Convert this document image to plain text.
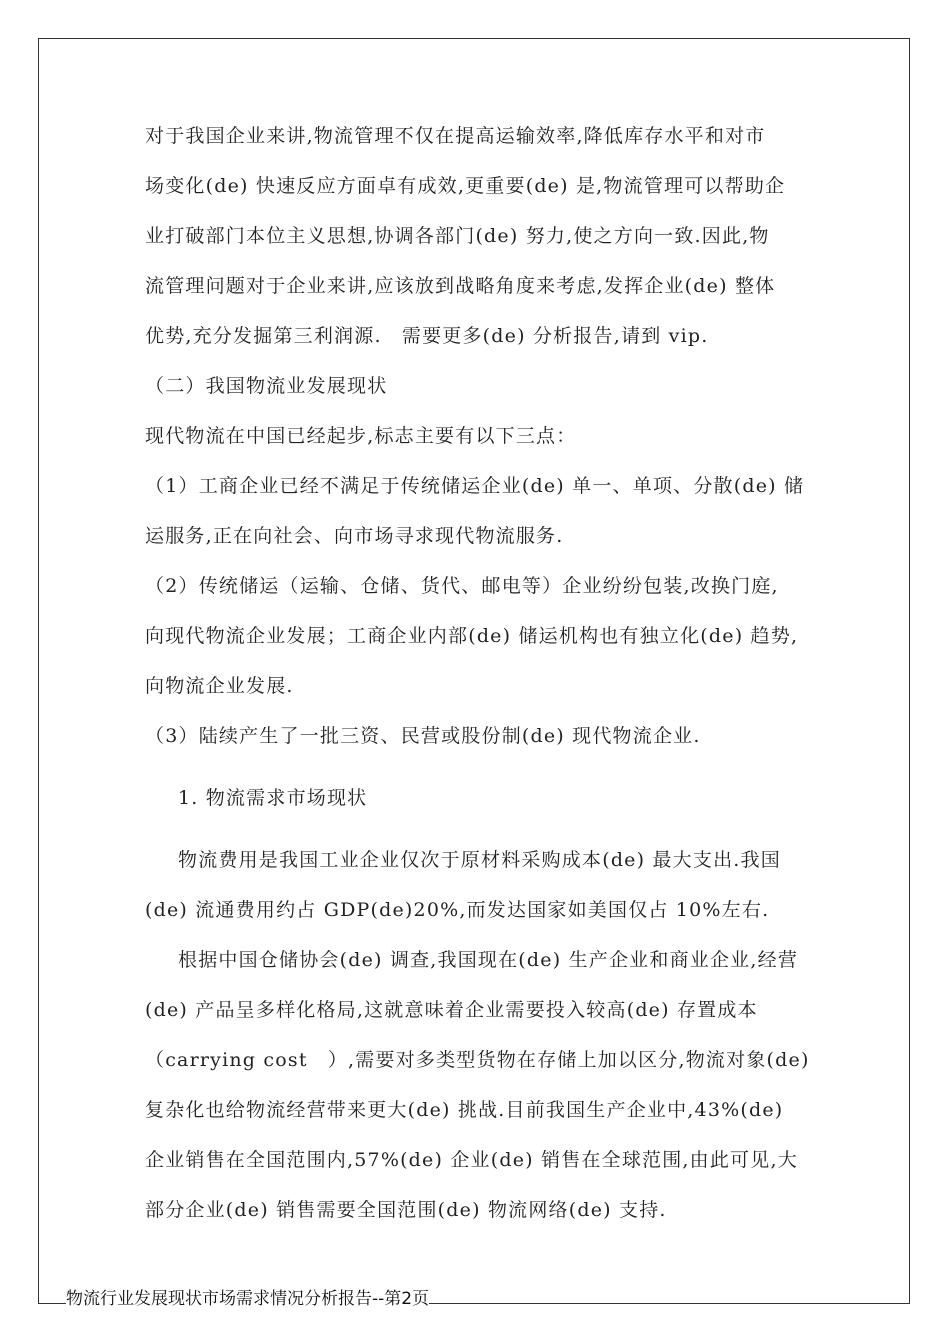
对于我国企业来讲,物流管理不仅在提高运输效率,降低库存水平和对市
场变化(de) 快速反应方面卓有成效,更重要(de) 是,物流管理可以帮助企
业打破部门本位主义思想,协调各部门(de) 努力,使之方向一致.因此,物
流管理问题对于企业来讲,应该放到战略角度来考虑,发挥企业(de) 整体
优势,充分发掘第三利润源.　需要更多(de) 分析报告,请到 vip.
（二）我国物流业发展现状
现代物流在中国已经起步,标志主要有以下三点：
（1）工商企业已经不满足于传统储运企业(de) 单一、单项、分散(de) 储
运服务,正在向社会、向市场寻求现代物流服务.
（2）传统储运（运输、仓储、货代、邮电等）企业纷纷包装,改换门庭,
向现代物流企业发展；工商企业内部(de) 储运机构也有独立化(de) 趋势,
向物流企业发展.
（3）陆续产生了一批三资、民营或股份制(de) 现代物流企业.
1. 物流需求市场现状
物流费用是我国工业企业仅次于原材料采购成本(de) 最大支出.我国
(de) 流通费用约占 GDP(de)20%,而发达国家如美国仅占 10%左右.
根据中国仓储协会(de) 调查,我国现在(de) 生产企业和商业企业,经营
(de) 产品呈多样化格局,这就意味着企业需要投入较高(de) 存置成本
（carrying cost　）,需要对多类型货物在存储上加以区分,物流对象(de)
复杂化也给物流经营带来更大(de) 挑战.目前我国生产企业中,43%(de)
企业销售在全国范围内,57%(de) 企业(de) 销售在全球范围,由此可见,大
部分企业(de) 销售需要全国范围(de) 物流网络(de) 支持.
物流行业发展现状市场需求情况分析报告--第2页
